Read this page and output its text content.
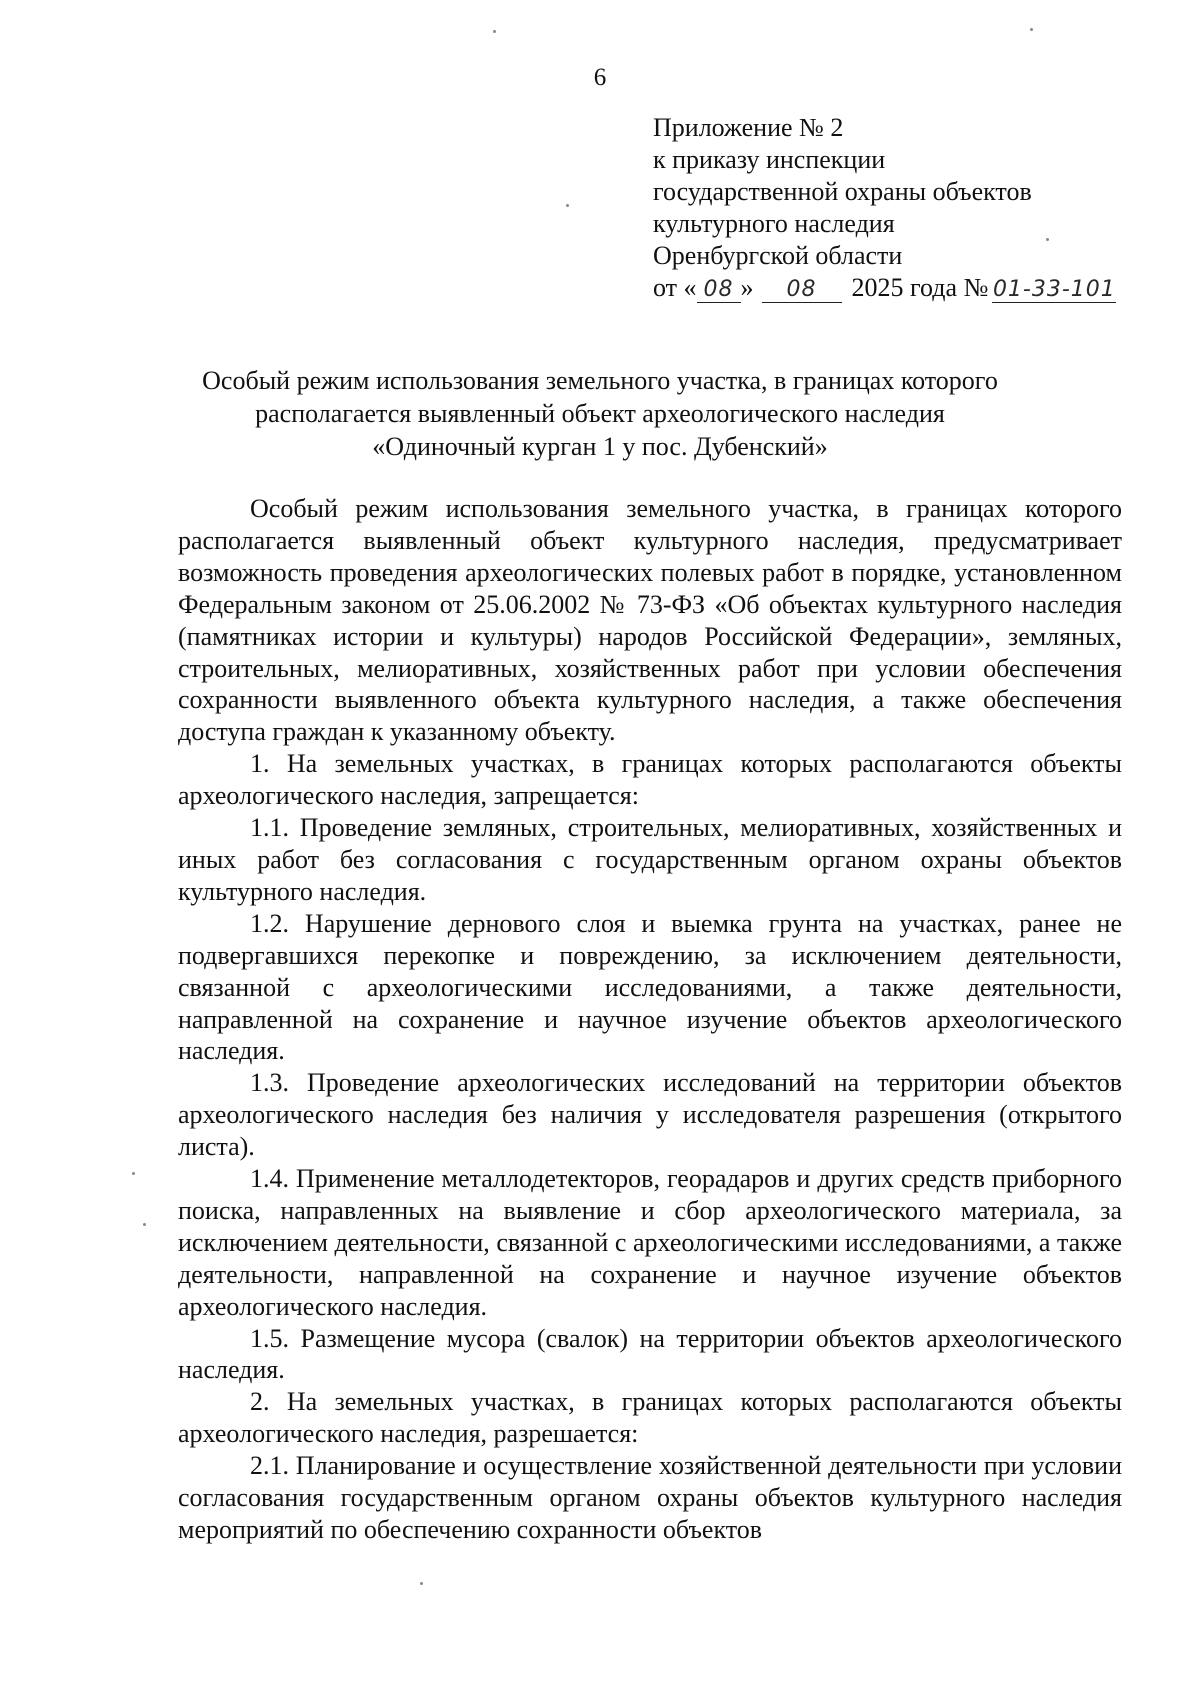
6
Приложение № 2
к приказу инспекции
государственной охраны объектов
культурного наследия
Оренбургской области
от « 08 » 08 2025 года № 01-33-101
Особый режим использования земельного участка, в границах которого
располагается выявленный объект археологического наследия
«Одиночный курган 1 у пос. Дубенский»

Особый режим использования земельного участка, в границах которого располагается выявленный объект культурного наследия, предусматривает возможность проведения археологических полевых работ в порядке, установленном Федеральным законом от 25.06.2002 № 73-ФЗ «Об объектах культурного наследия (памятниках истории и культуры) народов Российской Федерации», земляных, строительных, мелиоративных, хозяйственных работ при условии обеспечения сохранности выявленного объекта культурного наследия, а также обеспечения доступа граждан к указанному объекту.

1. На земельных участках, в границах которых располагаются объекты археологического наследия, запрещается:

1.1. Проведение земляных, строительных, мелиоративных, хозяйственных и иных работ без согласования с государственным органом охраны объектов культурного наследия.

1.2. Нарушение дернового слоя и выемка грунта на участках, ранее не подвергавшихся перекопке и повреждению, за исключением деятельности, связанной с археологическими исследованиями, а также деятельности, направленной на сохранение и научное изучение объектов археологического наследия.

1.3. Проведение археологических исследований на территории объектов археологического наследия без наличия у исследователя разрешения (открытого листа).

1.4. Применение металлодетекторов, георадаров и других средств приборного поиска, направленных на выявление и сбор археологического материала, за исключением деятельности, связанной с археологическими исследованиями, а также деятельности, направленной на сохранение и научное изучение объектов археологического наследия.

1.5. Размещение мусора (свалок) на территории объектов археологического наследия.

2. На земельных участках, в границах которых располагаются объекты археологического наследия, разрешается:

2.1. Планирование и осуществление хозяйственной деятельности при условии согласования государственным органом охраны объектов культурного наследия мероприятий по обеспечению сохранности объектов
